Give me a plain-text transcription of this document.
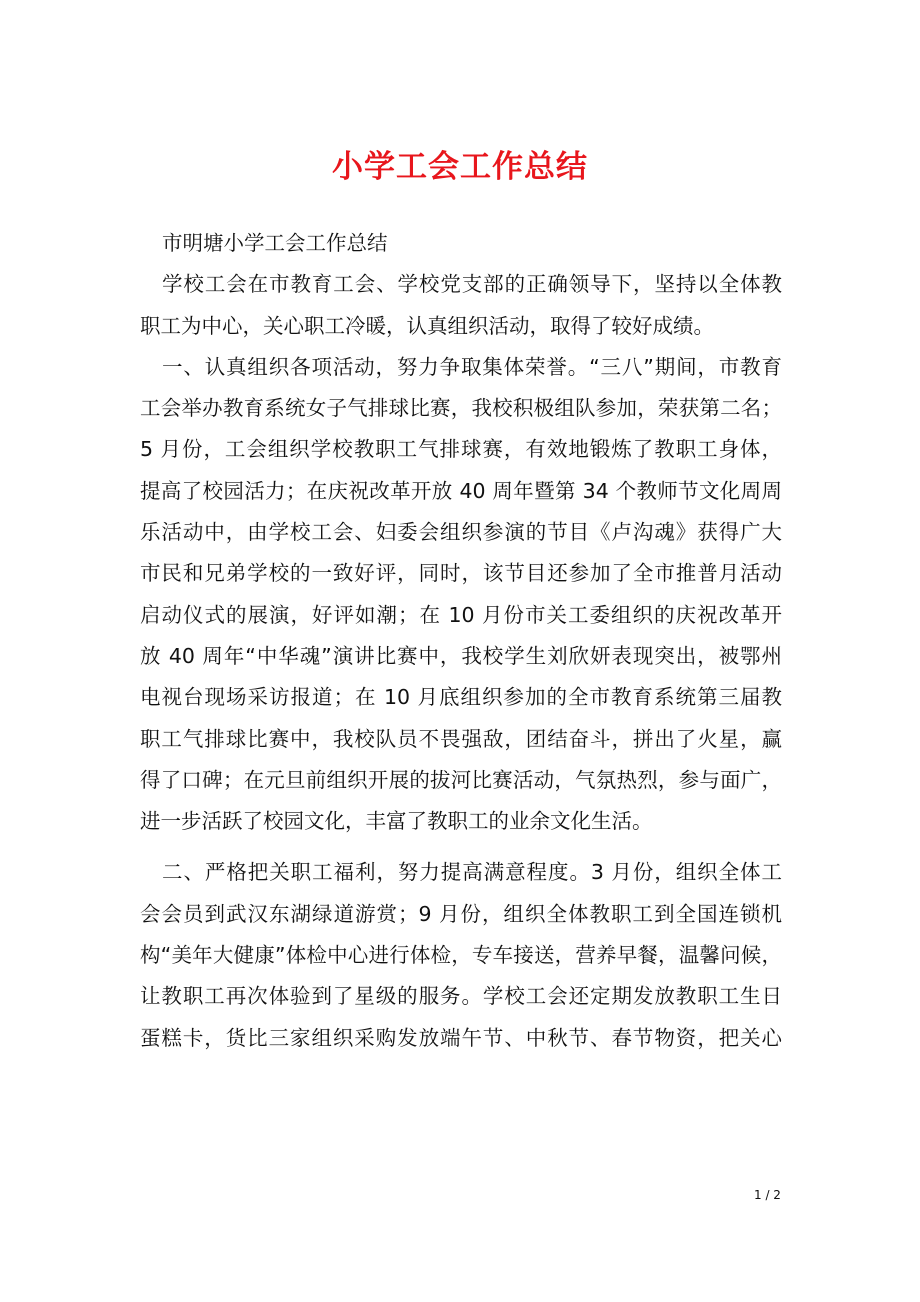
小学工会工作总结
市明塘小学工会工作总结
学校工会在市教育工会、学校党支部的正确领导下，坚持以全体教
职工为中心，关心职工冷暖，认真组织活动，取得了较好成绩。
一、认真组织各项活动，努力争取集体荣誉。“三八”期间，市教育
工会举办教育系统女子气排球比赛，我校积极组队参加，荣获第二名；
5 月份，工会组织学校教职工气排球赛，有效地锻炼了教职工身体，
提高了校园活力；在庆祝改革开放 40 周年暨第 34 个教师节文化周周
乐活动中，由学校工会、妇委会组织参演的节目《卢沟魂》获得广大
市民和兄弟学校的一致好评，同时，该节目还参加了全市推普月活动
启动仪式的展演，好评如潮；在 10 月份市关工委组织的庆祝改革开
放 40 周年“中华魂”演讲比赛中，我校学生刘欣妍表现突出，被鄂州
电视台现场采访报道；在 10 月底组织参加的全市教育系统第三届教
职工气排球比赛中，我校队员不畏强敌，团结奋斗，拼出了火星，赢
得了口碑；在元旦前组织开展的拔河比赛活动，气氛热烈，参与面广，
进一步活跃了校园文化，丰富了教职工的业余文化生活。
二、严格把关职工福利，努力提高满意程度。3 月份，组织全体工
会会员到武汉东湖绿道游赏；9 月份，组织全体教职工到全国连锁机
构“美年大健康”体检中心进行体检，专车接送，营养早餐，温馨问候，
让教职工再次体验到了星级的服务。学校工会还定期发放教职工生日
蛋糕卡，货比三家组织采购发放端午节、中秋节、春节物资，把关心
1 / 2
